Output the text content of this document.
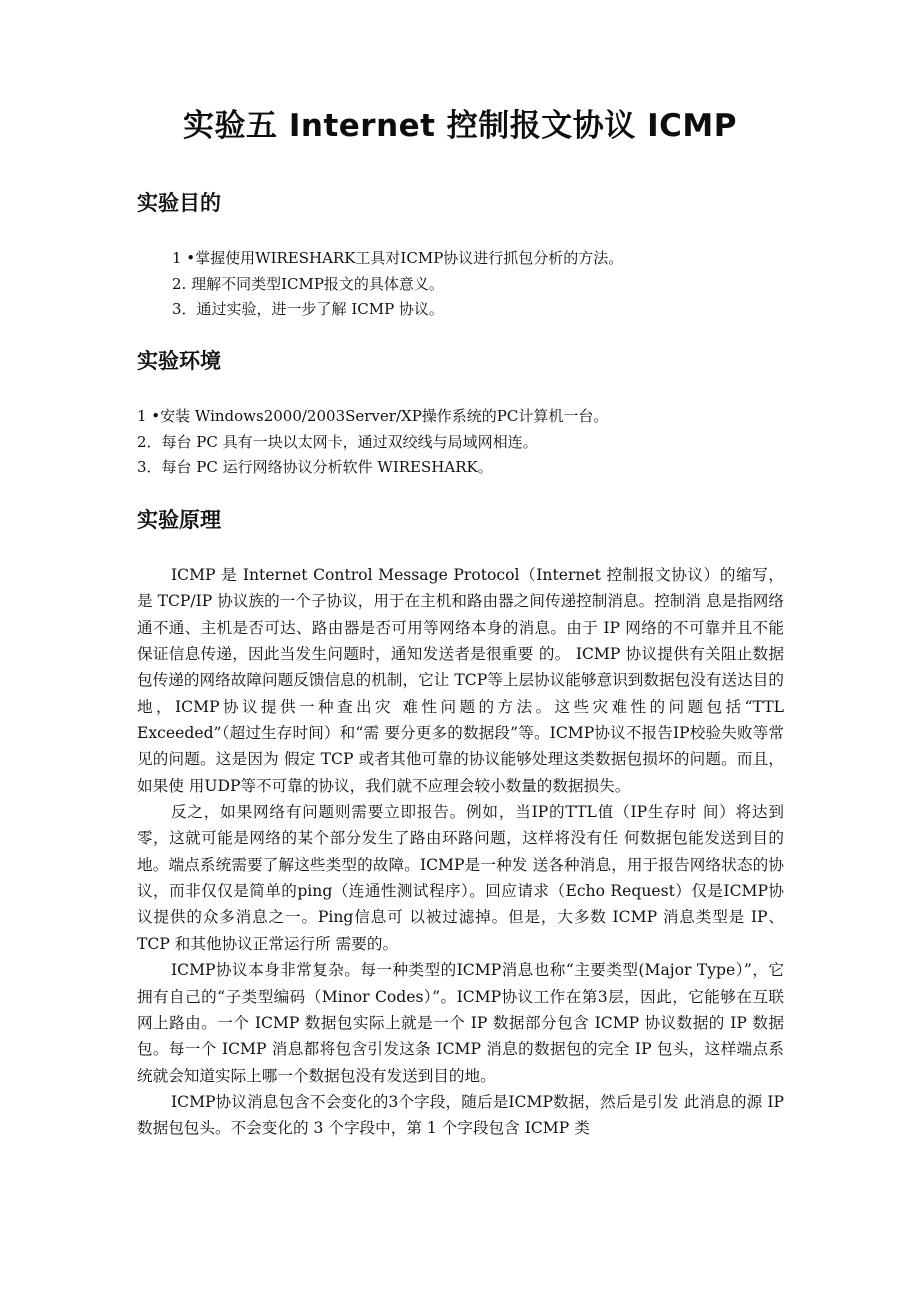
实验五 Internet 控制报文协议 ICMP
实验目的
1 •掌握使用WIRESHARK工具对ICMP协议进行抓包分析的方法。
2. 理解不同类型ICMP报文的具体意义。
3．通过实验，进一步了解 ICMP 协议。
实验环境
1 •安装 Windows2000/2003Server/XP操作系统的PC计算机一台。
2．每台 PC 具有一块以太网卡，通过双绞线与局域网相连。
3．每台 PC 运行网络协议分析软件 WIRESHARK。
实验原理

ICMP 是 Internet Control Message Protocol（Internet 控制报文协议）的缩写，是 TCP/IP 协议族的一个子协议，用于在主机和路由器之间传递控制消息。控制消 息是指网络通不通、主机是否可达、路由器是否可用等网络本身的消息。由于 IP 网络的不可靠并且不能保证信息传递，因此当发生问题时，通知发送者是很重要 的。 ICMP 协议提供有关阻止数据包传递的网络故障问题反馈信息的机制，它让 TCP等上层协议能够意识到数据包没有送达目的地，ICMP协议提供一种查出灾 难性问题的方法。这些灾难性的问题包括“TTL Exceeded”（超过生存时间）和“需 要分更多的数据段”等。ICMP协议不报告IP校验失败等常见的问题。这是因为 假定 TCP 或者其他可靠的协议能够处理这类数据包损坏的问题。而且，如果使 用UDP等不可靠的协议，我们就不应理会较小数量的数据损失。

反之，如果网络有问题则需要立即报告。例如，当IP的TTL值（IP生存时 间）将达到零，这就可能是网络的某个部分发生了路由环路问题，这样将没有任 何数据包能发送到目的地。端点系统需要了解这些类型的故障。ICMP是一种发 送各种消息，用于报告网络状态的协议，而非仅仅是简单的ping（连通性测试程序）。回应请求（Echo Request）仅是ICMP协议提供的众多消息之一。Ping信息可 以被过滤掉。但是，大多数 ICMP 消息类型是 IP、TCP 和其他协议正常运行所 需要的。

ICMP协议本身非常复杂。每一种类型的ICMP消息也称“主要类型(Major Type）”，它拥有自己的“子类型编码（Minor Codes）”。ICMP协议工作在第3层，因此，它能够在互联网上路由。一个 ICMP 数据包实际上就是一个 IP 数据部分包含 ICMP 协议数据的 IP 数据包。每一个 ICMP 消息都将包含引发这条 ICMP 消息的数据包的完全 IP 包头，这样端点系统就会知道实际上哪一个数据包没有发送到目的地。

ICMP协议消息包含不会变化的3个字段，随后是ICMP数据，然后是引发 此消息的源 IP 数据包包头。不会变化的 3 个字段中，第 1 个字段包含 ICMP 类
